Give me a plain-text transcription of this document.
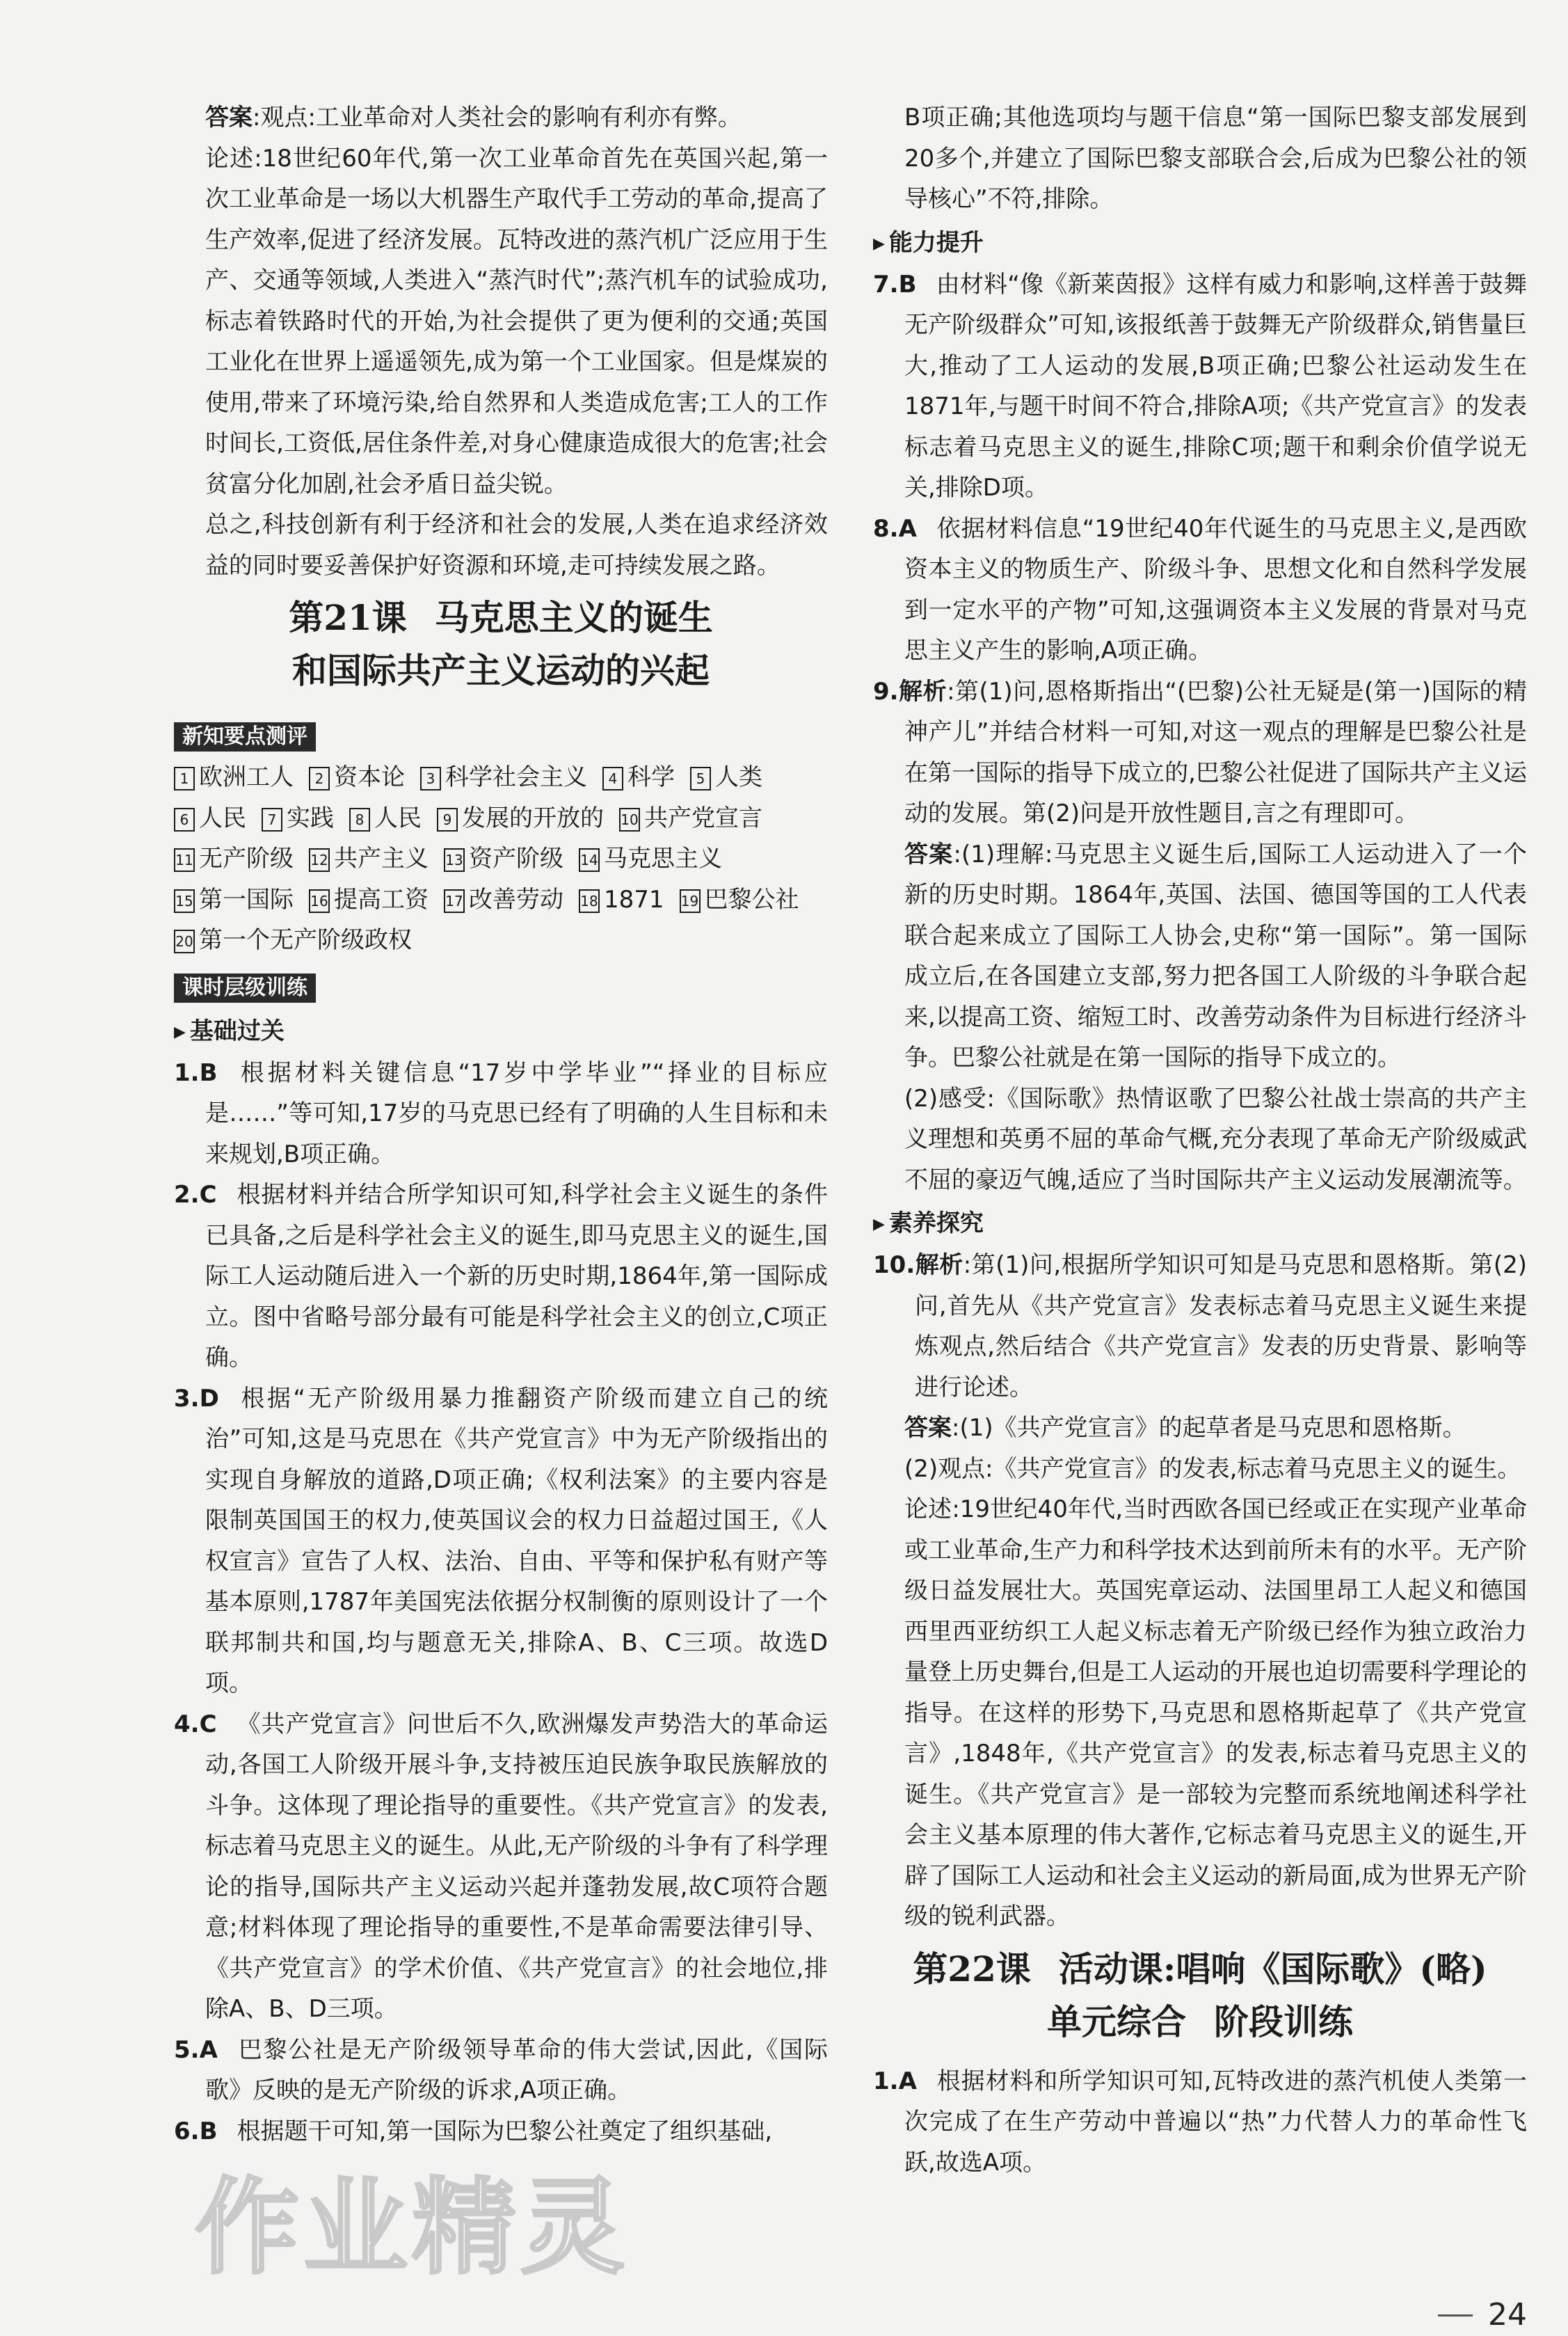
答案:观点:工业革命对人类社会的影响有利亦有弊。

论述:18世纪60年代,第一次工业革命首先在英国兴起,第一次工业革命是一场以大机器生产取代手工劳动的革命,提高了生产效率,促进了经济发展。瓦特改进的蒸汽机广泛应用于生产、交通等领域,人类进入“蒸汽时代”;蒸汽机车的试验成功,标志着铁路时代的开始,为社会提供了更为便利的交通;英国工业化在世界上遥遥领先,成为第一个工业国家。但是煤炭的使用,带来了环境污染,给自然界和人类造成危害;工人的工作时间长,工资低,居住条件差,对身心健康造成很大的危害;社会贫富分化加剧,社会矛盾日益尖锐。

总之,科技创新有利于经济和社会的发展,人类在追求经济效益的同时要妥善保护好资源和环境,走可持续发展之路。

第21课 马克思主义的诞生
和国际共产主义运动的兴起
新知要点测评
1 欧洲工人	2 资本论	3 科学社会主义	4 科学	5 人类
6 人民	7 实践	8 人民	9 发展的开放的 10 共产党宣言
11 无产阶级 12 共产主义 13 资产阶级 14 马克思主义
15 第一国际 16 提高工资 17 改善劳动 18 1871 19 巴黎公社
20 第一个无产阶级政权
课时层级训练
▶ 基础过关

1.B 根据材料关键信息“17岁中学毕业”“择业的目标应是……”等可知,17岁的马克思已经有了明确的人生目标和未来规划,B项正确。

2.C 根据材料并结合所学知识可知,科学社会主义诞生的条件已具备,之后是科学社会主义的诞生,即马克思主义的诞生,国际工人运动随后进入一个新的历史时期,1864年,第一国际成立。图中省略号部分最有可能是科学社会主义的创立,C项正确。

3.D 根据“无产阶级用暴力推翻资产阶级而建立自己的统治”可知,这是马克思在《共产党宣言》中为无产阶级指出的实现自身解放的道路,D项正确;《权利法案》的主要内容是限制英国国王的权力,使英国议会的权力日益超过国王,《人权宣言》宣告了人权、法治、自由、平等和保护私有财产等基本原则,1787年美国宪法依据分权制衡的原则设计了一个联邦制共和国,均与题意无关,排除A、B、C三项。故选D项。

4.C 《共产党宣言》问世后不久,欧洲爆发声势浩大的革命运动,各国工人阶级开展斗争,支持被压迫民族争取民族解放的斗争。这体现了理论指导的重要性。《共产党宣言》的发表,标志着马克思主义的诞生。从此,无产阶级的斗争有了科学理论的指导,国际共产主义运动兴起并蓬勃发展,故C项符合题意;材料体现了理论指导的重要性,不是革命需要法律引导、《共产党宣言》的学术价值、《共产党宣言》的社会地位,排除A、B、D三项。

5.A 巴黎公社是无产阶级领导革命的伟大尝试,因此,《国际歌》反映的是无产阶级的诉求,A项正确。

6.B 根据题干可知,第一国际为巴黎公社奠定了组织基础,

B项正确;其他选项均与题干信息“第一国际巴黎支部发展到20多个,并建立了国际巴黎支部联合会,后成为巴黎公社的领导核心”不符,排除。

▶ 能力提升

7.B 由材料“像《新莱茵报》这样有威力和影响,这样善于鼓舞无产阶级群众”可知,该报纸善于鼓舞无产阶级群众,销售量巨大,推动了工人运动的发展,B项正确;巴黎公社运动发生在1871年,与题干时间不符合,排除A项;《共产党宣言》的发表标志着马克思主义的诞生,排除C项;题干和剩余价值学说无关,排除D项。

8.A 依据材料信息“19世纪40年代诞生的马克思主义,是西欧资本主义的物质生产、阶级斗争、思想文化和自然科学发展到一定水平的产物”可知,这强调资本主义发展的背景对马克思主义产生的影响,A项正确。

9.解析:第(1)问,恩格斯指出“(巴黎)公社无疑是(第一)国际的精神产儿”并结合材料一可知,对这一观点的理解是巴黎公社是在第一国际的指导下成立的,巴黎公社促进了国际共产主义运动的发展。第(2)问是开放性题目,言之有理即可。

答案:(1)理解:马克思主义诞生后,国际工人运动进入了一个新的历史时期。1864年,英国、法国、德国等国的工人代表联合起来成立了国际工人协会,史称“第一国际”。第一国际成立后,在各国建立支部,努力把各国工人阶级的斗争联合起来,以提高工资、缩短工时、改善劳动条件为目标进行经济斗争。巴黎公社就是在第一国际的指导下成立的。

(2)感受:《国际歌》热情讴歌了巴黎公社战士崇高的共产主义理想和英勇不屈的革命气概,充分表现了革命无产阶级威武不屈的豪迈气魄,适应了当时国际共产主义运动发展潮流等。

▶ 素养探究

10.解析:第(1)问,根据所学知识可知是马克思和恩格斯。第(2)问,首先从《共产党宣言》发表标志着马克思主义诞生来提炼观点,然后结合《共产党宣言》发表的历史背景、影响等进行论述。

答案:(1)《共产党宣言》的起草者是马克思和恩格斯。

(2)观点:《共产党宣言》的发表,标志着马克思主义的诞生。

论述:19世纪40年代,当时西欧各国已经或正在实现产业革命或工业革命,生产力和科学技术达到前所未有的水平。无产阶级日益发展壮大。英国宪章运动、法国里昂工人起义和德国西里西亚纺织工人起义标志着无产阶级已经作为独立政治力量登上历史舞台,但是工人运动的开展也迫切需要科学理论的指导。在这样的形势下,马克思和恩格斯起草了《共产党宣言》,1848年,《共产党宣言》的发表,标志着马克思主义的诞生。《共产党宣言》是一部较为完整而系统地阐述科学社会主义基本原理的伟大著作,它标志着马克思主义的诞生,开辟了国际工人运动和社会主义运动的新局面,成为世界无产阶级的锐利武器。

第22课 活动课:唱响《国际歌》(略)
单元综合 阶段训练

1.A 根据材料和所学知识可知,瓦特改进的蒸汽机使人类第一次完成了在生产劳动中普遍以“热”力代替人力的革命性飞跃,故选A项。

24
作业精灵
